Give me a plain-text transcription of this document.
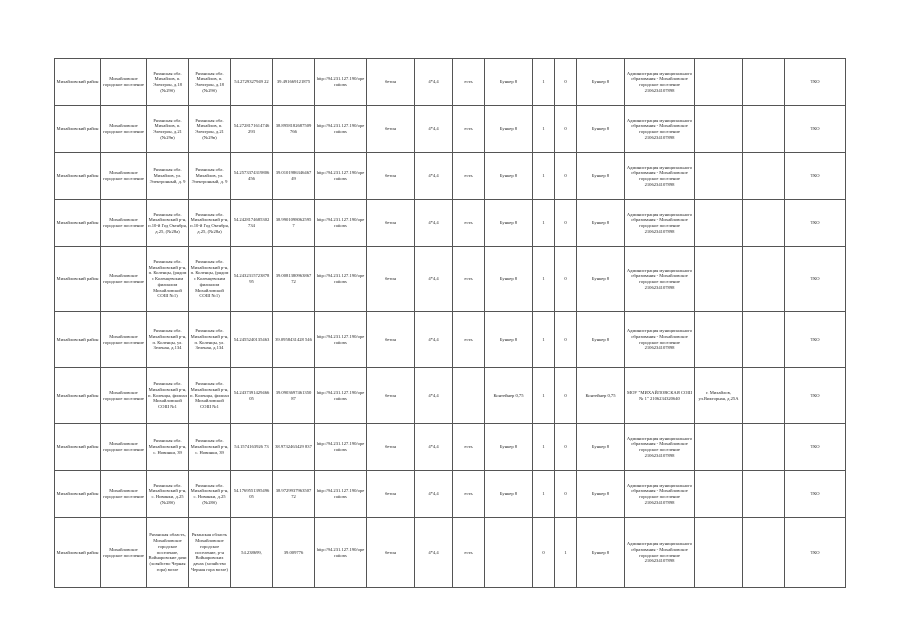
Михайловский район	Михайловское городское поселение	Рязанская обл. Михайлов, п. Электрон, д.18 (№29б)	Рязанская обл. Михайлов, п. Электрон, д.18 (№29б)	54.2729327949 22	39.491669121875	http://94.231.127.190/operations	бетон	4*4,4	есть	Бункер 8	1	0	Бункер 8	Администрация муниципального образования - Михайловское городское поселение 2106234107898			ТКО
Михайловский район	Михайловское городское поселение	Рязанская обл. Михайлов, п. Электрон, д.21 (№29в)	Рязанская обл. Михайлов, п. Электрон, д.21 (№29в)	54.2728171614746 293	38.8958182687509 766	http://94.231.127.190/operations	бетон	4*4,4	есть	Бункер 8	1	0	Бункер 8	Администрация муниципального образования - Михайловское городское поселение 2106234107898			ТКО
Михайловский район	Михайловское городское поселение	Рязанская обл. Михайлов, ул. Электронный, д. 9	Рязанская обл. Михайлов, ул. Электронный, д. 9	54.2573374319806 456	39.0101986346467 49	http://94.231.127.190/operations	бетон	4*4,4	есть	Бункер 8	1	0	Бункер 8	Администрация муниципального образования - Михайловское городское поселение 2106234107898			ТКО
Михайловский район	Михайловское городское поселение	Рязанская обл. Михайловский р-н, п.10-й Год Октября, д.25, (№28а)	Рязанская обл. Михайловский р-н, п.10-й Год Октября, д.25, (№28а)	54.2428174685302 734	38.9901098062595 7	http://94.231.127.190/operations	бетон	4*4,4	есть	Бункер 8	1	0	Бункер 8	Администрация муниципального образования - Михайловское городское поселение 2106234107898			ТКО
Михайловский район	Михайловское городское поселение	Рязанская обл. Михайловский р-н, п. Коленцы, (рядом с Коленцевским филиалом Михайловской СОШ №1)	Рязанская обл. Михайловский р-н, п. Коленцы, (рядом с Коленцевским филиалом Михайловской СОШ №1)	54.2432315723878 95	39.0081380963867 72	http://94.231.127.190/operations	бетон	4*4,4	есть	Бункер 8	1	0	Бункер 8	Администрация муниципального образования - Михайловское городское поселение 2106234107898			ТКО
Михайловский район	Михайловское городское поселение	Рязанская обл. Михайловский р-н, п. Коленцы, ул. Зеленая, д.134	Рязанская обл. Михайловский р-н, п. Коленцы, ул. Зеленая, д.134	54.2455240135463	39.0958431428 546	http://94.231.127.190/operations	бетон	4*4,4	есть	Бункер 8	1	0	Бункер 8	Администрация муниципального образования - Михайловское городское поселение 2106234107898			ТКО
Михайловский район	Михайловское городское поселение	Рязанская обл. Михайловский р-н, п. Коленцы, филиал Михайловской СОШ №1	Рязанская обл. Михайловский р-н, п. Коленцы, филиал Михайловской СОШ №1	54.2437391429466 05	39.0903697461350 87	http://94.231.127.190/operations	бетон	4*4,4		Контейнер 0,75	1	0	Контейнер 0,75	МОУ "МИХАЙЛОВСКАЯ СОШ № 1" 2106234320640	г. Михайлов, ул.Викторная, д.25А		ТКО
Михайловский район	Михайловское городское поселение	Рязанская обл. Михайловский р-н, с. Новинки, 39	Рязанская обл. Михайловский р-н, с. Новинки, 39	54.1574163926 73	38.9732463429 837	http://94.231.127.190/operations	бетон	4*4,4	есть	Бункер 8	1	0	Бункер 8	Администрация муниципального образования - Михайловское городское поселение 2106234107898			ТКО
Михайловский район	Михайловское городское поселение	Рязанская обл. Михайловский р-н, с. Новинки, д.25 (№28б)	Рязанская обл. Михайловский р-н, с. Новинки, д.25 (№28б)	54.1769551395496 05	38.9729937963507 72	http://94.231.127.190/operations	бетон	4*4,4	есть	Бункер 8	1	0	Бункер 8	Администрация муниципального образования - Михайловское городское поселение 2106234107898			ТКО
Михайловский район	Михайловское городское поселение	Рязанская область, Михайловское городское поселение, Войнаровские дачи (хозяйство Черная гора) возле	Рязанская область Михайловское городское поселение, р-н Войнаровских дачах (хозяйство Черная гора возле)	54.238699,	39.009776	http://94.231.127.190/operations	бетон	4*4,4	есть		0	1	Бункер 8	Администрация муниципального образования - Михайловское городское поселение 2106234107898			ТКО
